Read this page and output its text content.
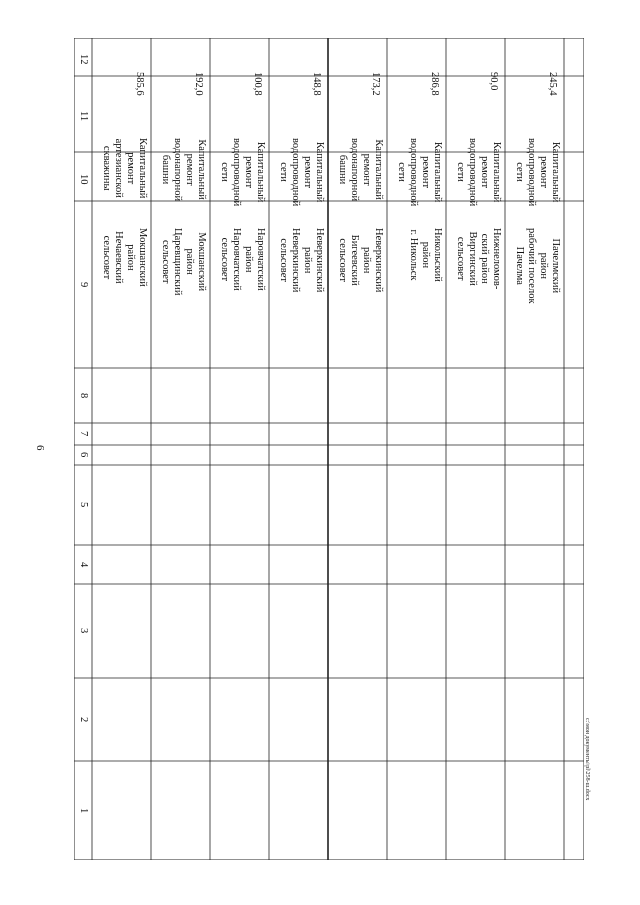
6
12
11
10
9
8
7
6
5
4
3
2
1
585,6
Капитальный
ремонт
артезианской
скважины
Мокшанский
район
Нечаевский
сельсовет
192,0
Капитальный
ремонт
водонапорной
башни
Мокшанский
район
Царевщинский
сельсовет
100,8
Капитальный
ремонт
водопроводной
сети
Наровчатский
район
Наровчатский
сельсовет
148,8
Капитальный
ремонт
водопроводной
сети
Неверкинский
район
Неверкинский
сельсовет
173,2
Капитальный
ремонт
водонапорной
башни
Неверкинский
район
Бигеевский
сельсовет
286,8
Капитальный
ремонт
водопроводной
сети
Никольский
район
г. Никольск
90,0
Капитальный
ремонт
водопроводной
сети
Нижнеломов-
ский район
Виргинский
сельсовет
245,4
Капитальный
ремонт
водопроводной
сети
Пачелмский
район
рабочий поселок
Пачелма
c:\мои документы\pl\258-ш.docx
